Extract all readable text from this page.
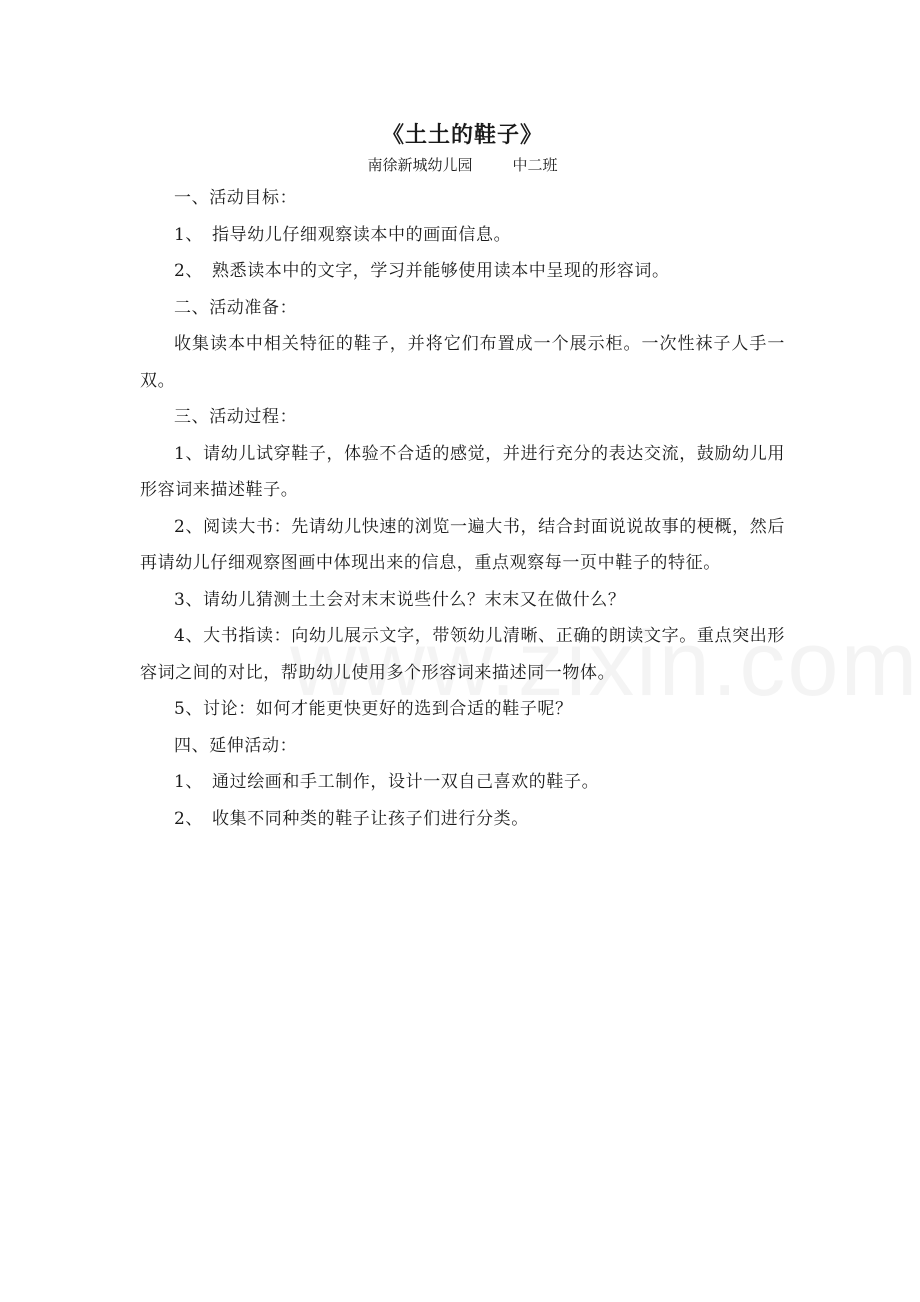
《土土的鞋子》

南徐新城幼儿园	中二班

一、活动目标：

1、 指导幼儿仔细观察读本中的画面信息。

2、 熟悉读本中的文字，学习并能够使用读本中呈现的形容词。

二、活动准备：

收集读本中相关特征的鞋子，并将它们布置成一个展示柜。一次性袜子人手一双。

三、活动过程：

1、请幼儿试穿鞋子，体验不合适的感觉，并进行充分的表达交流，鼓励幼儿用形容词来描述鞋子。

2、阅读大书：先请幼儿快速的浏览一遍大书，结合封面说说故事的梗概，然后再请幼儿仔细观察图画中体现出来的信息，重点观察每一页中鞋子的特征。

3、请幼儿猜测土土会对末末说些什么？末末又在做什么？

4、大书指读：向幼儿展示文字，带领幼儿清晰、正确的朗读文字。重点突出形容词之间的对比，帮助幼儿使用多个形容词来描述同一物体。

5、讨论：如何才能更快更好的选到合适的鞋子呢？

四、延伸活动：

1、 通过绘画和手工制作，设计一双自己喜欢的鞋子。

2、 收集不同种类的鞋子让孩子们进行分类。
